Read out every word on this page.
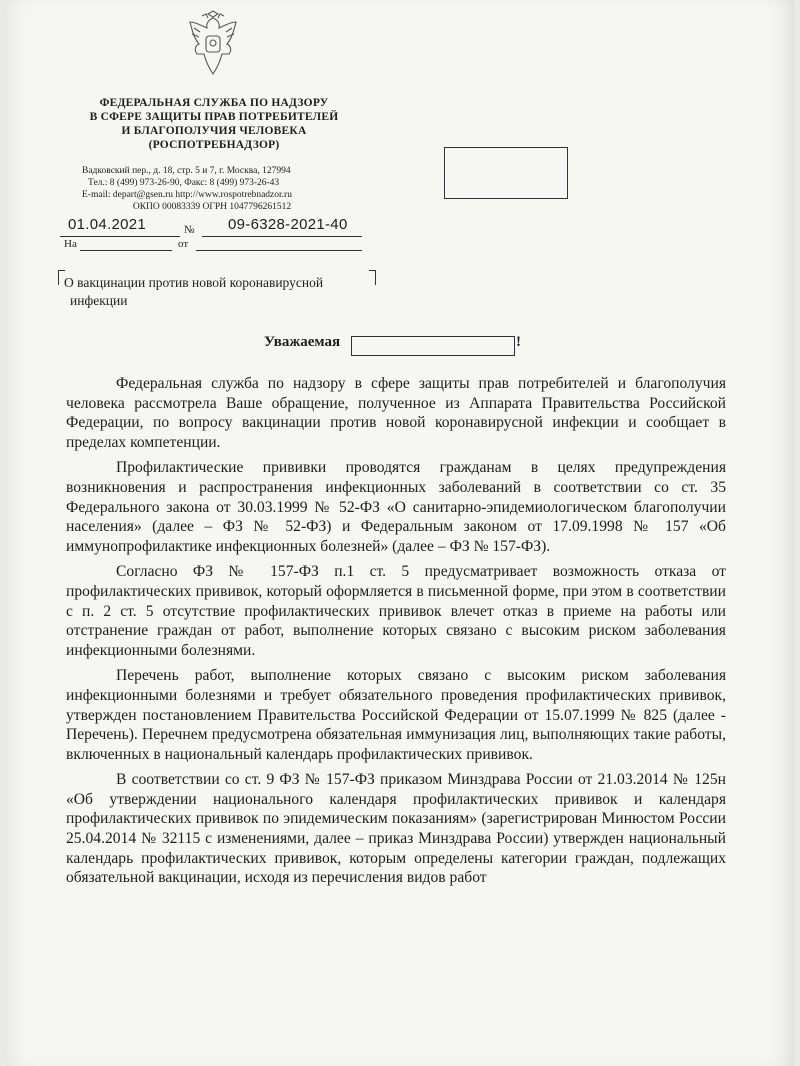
ФЕДЕРАЛЬНАЯ СЛУЖБА ПО НАДЗОРУ
В СФЕРЕ ЗАЩИТЫ ПРАВ ПОТРЕБИТЕЛЕЙ
И БЛАГОПОЛУЧИЯ ЧЕЛОВЕКА
(РОСПОТРЕБНАДЗОР)
Вадковский пер., д. 18, стр. 5 и 7, г. Москва, 127994
Тел.: 8 (499) 973-26-90, Факс: 8 (499) 973-26-43
E-mail: depart@gsen.ru http://www.rospotrebnadzor.ru
ОКПО 00083339 ОГРН 1047796261512
01.04.2021	№ 09-6328-2021-40
На	от
О вакцинации против новой коронавирусной
инфекции
Уважаемая	!

Федеральная служба по надзору в сфере защиты прав потребителей и благополучия человека рассмотрела Ваше обращение, полученное из Аппарата Правительства Российской Федерации, по вопросу вакцинации против новой коронавирусной инфекции и сообщает в пределах компетенции.

Профилактические прививки проводятся гражданам в целях предупреждения возникновения и распространения инфекционных заболеваний в соответствии со ст. 35 Федерального закона от 30.03.1999 № 52-ФЗ «О санитарно-эпидемиологическом благополучии населения» (далее – ФЗ № 52-ФЗ) и Федеральным законом от 17.09.1998 № 157 «Об иммунопрофилактике инфекционных болезней» (далее – ФЗ № 157-ФЗ).

Согласно ФЗ № 157-ФЗ п.1 ст. 5 предусматривает возможность отказа от профилактических прививок, который оформляется в письменной форме, при этом в соответствии с п. 2 ст. 5 отсутствие профилактических прививок влечет отказ в приеме на работы или отстранение граждан от работ, выполнение которых связано с высоким риском заболевания инфекционными болезнями.

Перечень работ, выполнение которых связано с высоким риском заболевания инфекционными болезнями и требует обязательного проведения профилактических прививок, утвержден постановлением Правительства Российской Федерации от 15.07.1999 № 825 (далее - Перечень). Перечнем предусмотрена обязательная иммунизация лиц, выполняющих такие работы, включенных в национальный календарь профилактических прививок.

В соответствии со ст. 9 ФЗ № 157-ФЗ приказом Минздрава России от 21.03.2014 № 125н «Об утверждении национального календаря профилактических прививок и календаря профилактических прививок по эпидемическим показаниям» (зарегистрирован Минюстом России 25.04.2014 № 32115 с изменениями, далее – приказ Минздрава России) утвержден национальный календарь профилактических прививок, которым определены категории граждан, подлежащих обязательной вакцинации, исходя из перечисления видов работ
